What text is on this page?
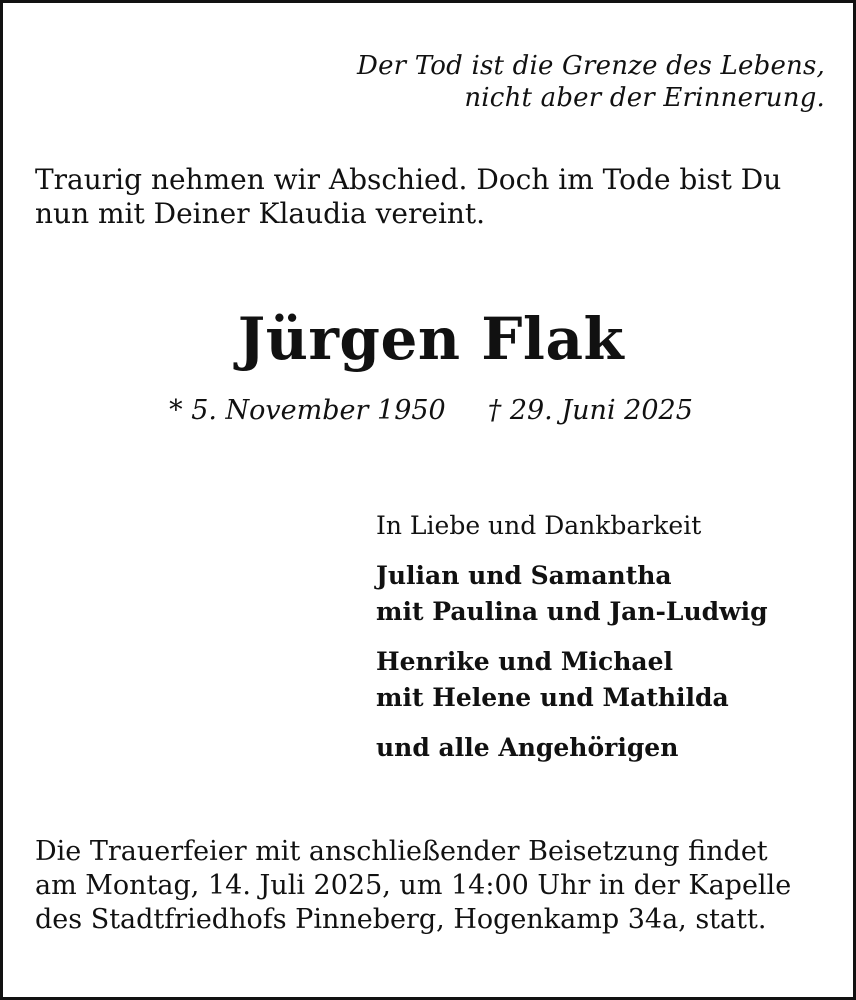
Der Tod ist die Grenze des Lebens,
nicht aber der Erinnerung.
Traurig nehmen wir Abschied. Doch im Tode bist Du
nun mit Deiner Klaudia vereint.
Jürgen Flak
* 5. November 1950 † 29. Juni 2025
In Liebe und Dankbarkeit
Julian und Samantha
mit Paulina und Jan-Ludwig
Henrike und Michael
mit Helene und Mathilda
und alle Angehörigen
Die Trauerfeier mit anschließender Beisetzung findet
am Montag, 14. Juli 2025, um 14:00 Uhr in der Kapelle
des Stadtfriedhofs Pinneberg, Hogenkamp 34a, statt.
